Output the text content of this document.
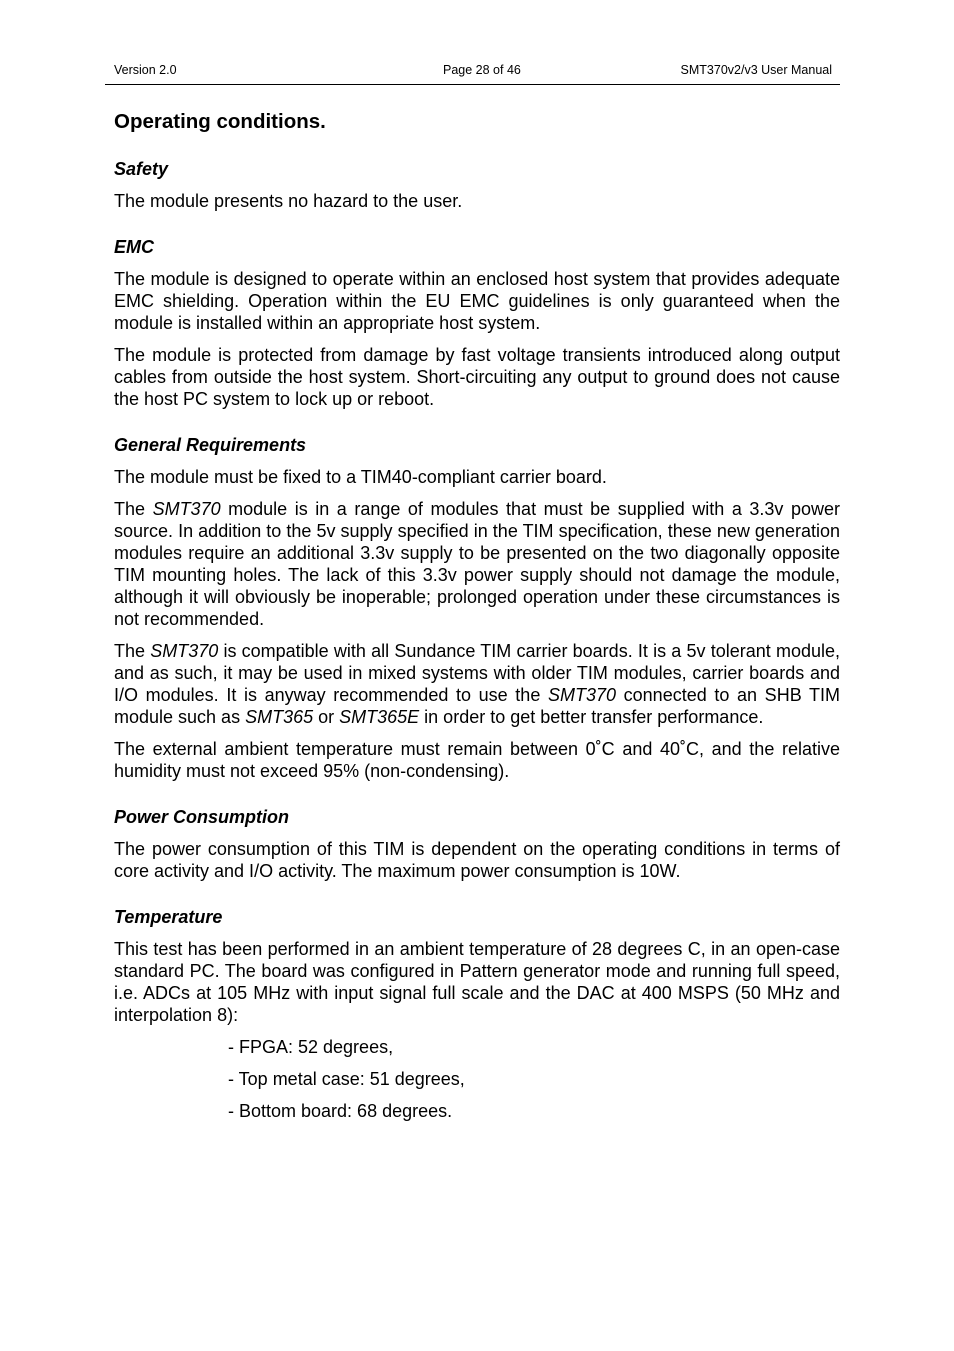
Version 2.0	Page 28 of 46	SMT370v2/v3 User Manual
Operating conditions.
Safety

The module presents no hazard to the user.

EMC

The module is designed to operate within an enclosed host system that provides adequate EMC shielding. Operation within the EU EMC guidelines is only guaranteed when the module is installed within an appropriate host system.

The module is protected from damage by fast voltage transients introduced along output cables from outside the host system. Short-circuiting any output to ground does not cause the host PC system to lock up or reboot.

General Requirements

The module must be fixed to a TIM40-compliant carrier board.

The SMT370 module is in a range of modules that must be supplied with a 3.3v power source. In addition to the 5v supply specified in the TIM specification, these new generation modules require an additional 3.3v supply to be presented on the two diagonally opposite TIM mounting holes. The lack of this 3.3v power supply should not damage the module, although it will obviously be inoperable; prolonged operation under these circumstances is not recommended.

The SMT370 is compatible with all Sundance TIM carrier boards. It is a 5v tolerant module, and as such, it may be used in mixed systems with older TIM modules, carrier boards and I/O modules. It is anyway recommended to use the SMT370 connected to an SHB TIM module such as SMT365 or SMT365E in order to get better transfer performance.

The external ambient temperature must remain between 0˚C and 40˚C, and the relative humidity must not exceed 95% (non-condensing).

Power Consumption

The power consumption of this TIM is dependent on the operating conditions in terms of core activity and I/O activity. The maximum power consumption is 10W.

Temperature

This test has been performed in an ambient temperature of 28 degrees C, in an open-case standard PC. The board was configured in Pattern generator mode and running full speed, i.e. ADCs at 105 MHz with input signal full scale and the DAC at 400 MSPS (50 MHz and interpolation 8):

- FPGA: 52 degrees,

- Top metal case: 51 degrees,

- Bottom board: 68 degrees.
